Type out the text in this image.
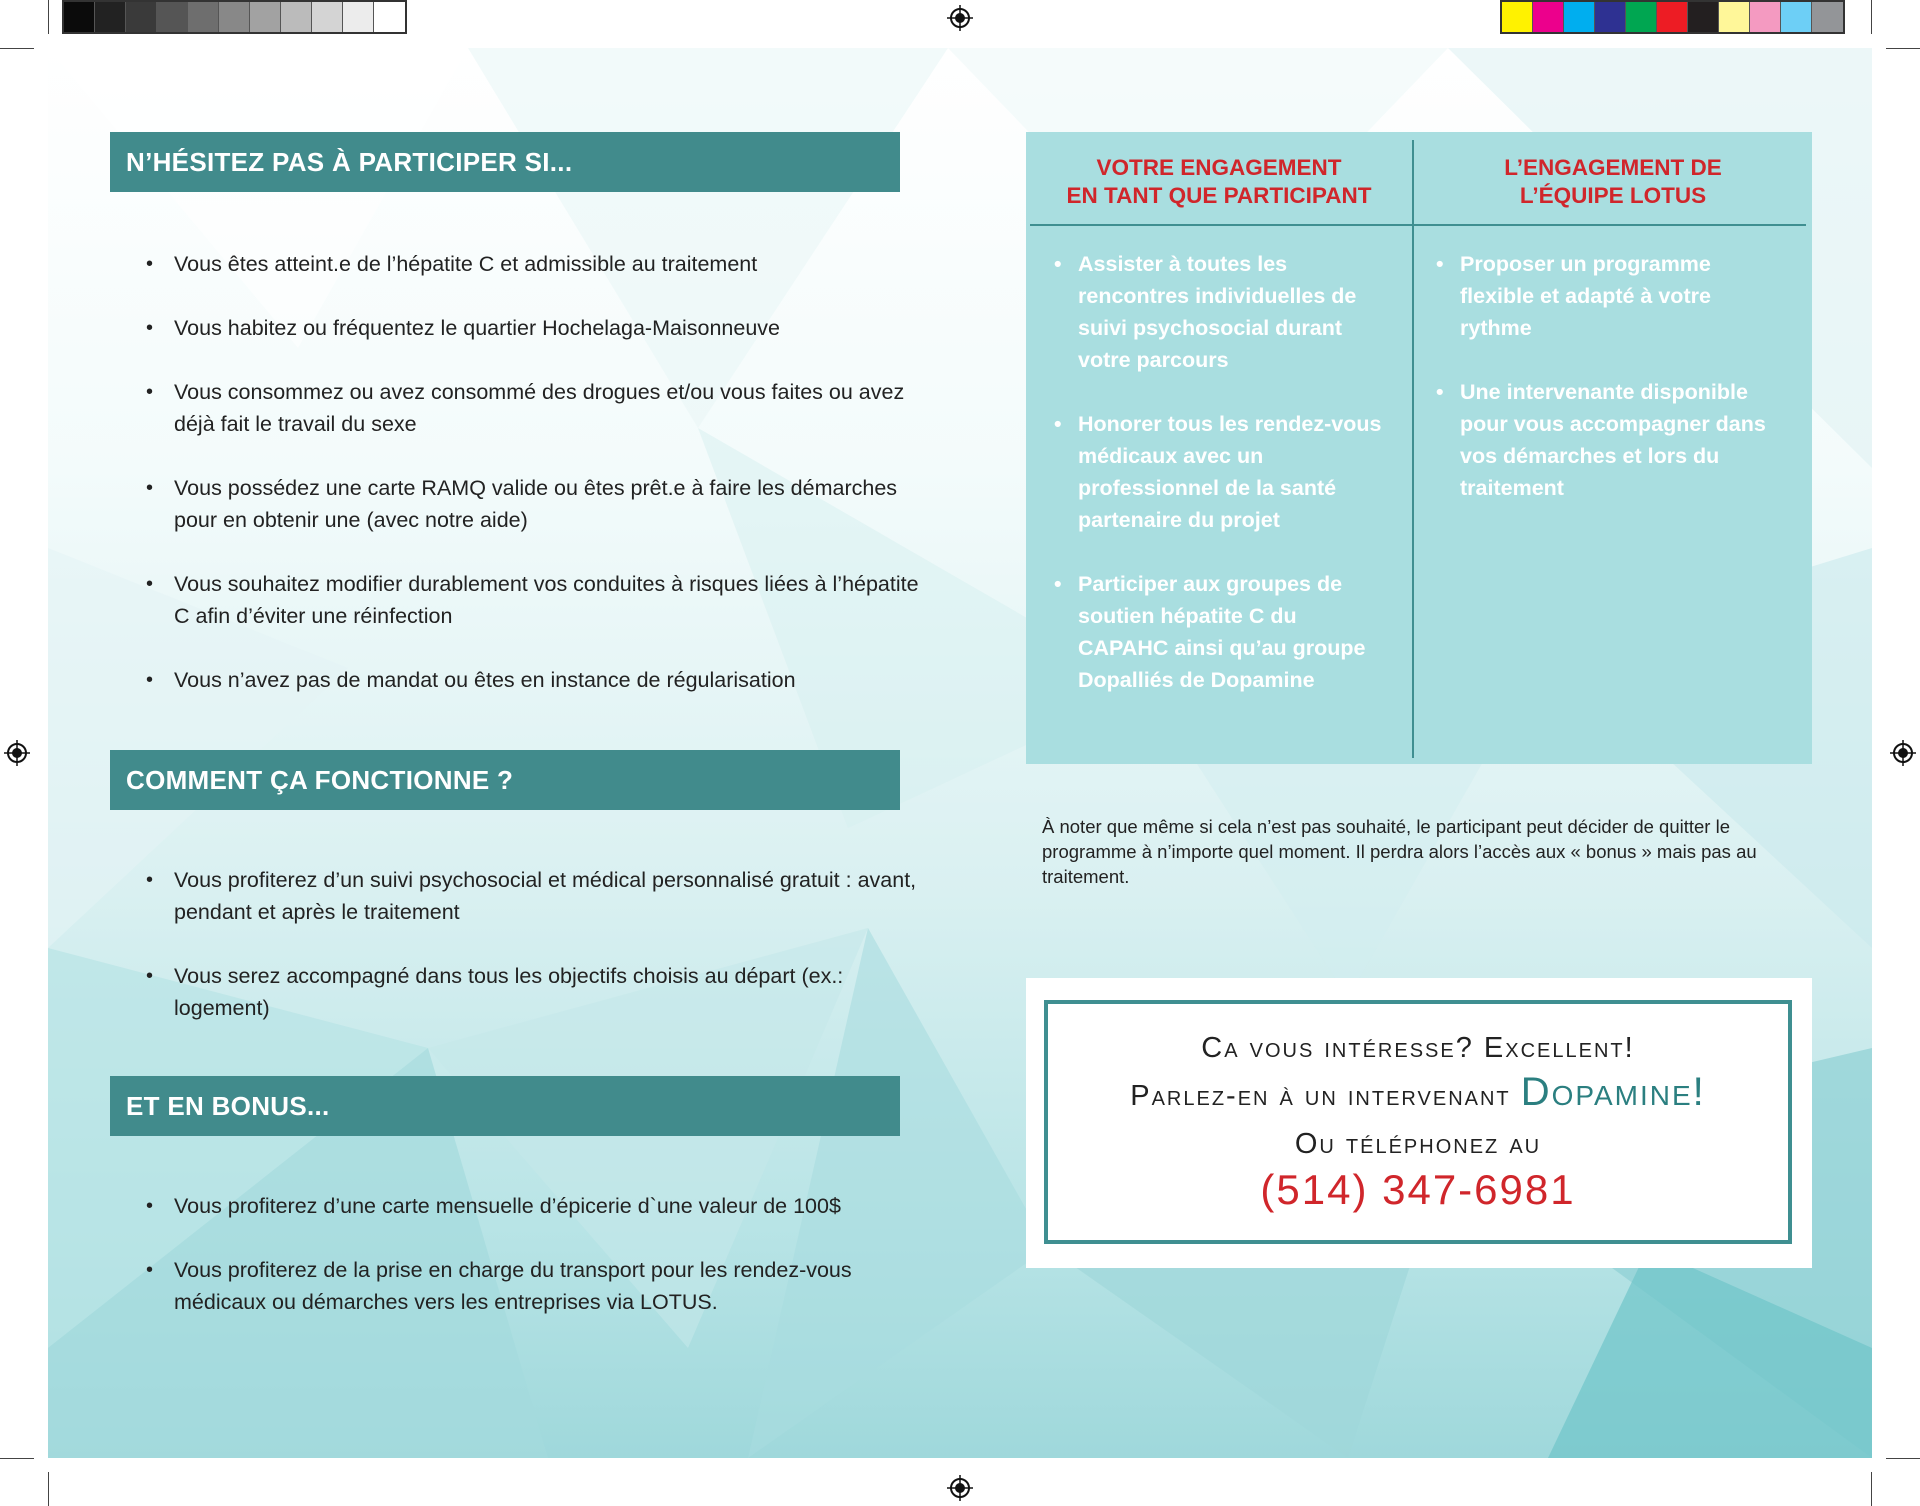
N’HÉSITEZ PAS À PARTICIPER SI...
• Vous êtes atteint.e de l’hépatite C et admissible au traitement
• Vous habitez ou fréquentez le quartier Hochelaga-Maisonneuve
• Vous consommez ou avez consommé des drogues et/ou vous faites ou avez déjà fait le travail du sexe
• Vous possédez une carte RAMQ valide ou êtes prêt.e à faire les démarches pour en obtenir une (avec notre aide)
• Vous souhaitez modifier durablement vos conduites à risques liées à l’hépatite C afin d’éviter une réinfection
• Vous n’avez pas de mandat ou êtes en instance de régularisation
COMMENT ÇA FONCTIONNE ?
• Vous profiterez d’un suivi psychosocial et médical personnalisé gratuit : avant, pendant et après le traitement
• Vous serez accompagné dans tous les objectifs choisis au départ (ex.: logement)
ET EN BONUS...
• Vous profiterez d’une carte mensuelle d’épicerie d`une valeur de 100$
• Vous profiterez de la prise en charge du transport pour les rendez-vous médicaux ou démarches vers les entreprises via LOTUS.
VOTRE ENGAGEMENT
EN TANT QUE PARTICIPANT
L’ENGAGEMENT DE
L’ÉQUIPE LOTUS
• Assister à toutes les rencontres individuelles de suivi psychosocial durant votre parcours
• Honorer tous les rendez-vous médicaux avec un professionnel de la santé partenaire du projet
• Participer aux groupes de soutien hépatite C du CAPAHC ainsi qu’au groupe Dopalliés de Dopamine
• Proposer un programme flexible et adapté à votre rythme
• Une intervenante disponible pour vous accompagner dans vos démarches et lors du traitement
À noter que même si cela n’est pas souhaité, le participant peut décider de quitter le programme à n’importe quel moment. Il perdra alors l’accès aux « bonus » mais pas au traitement.
Ca vous intéresse? Excellent!
Parlez-en à un intervenant Dopamine!
Ou téléphonez au
(514) 347-6981
